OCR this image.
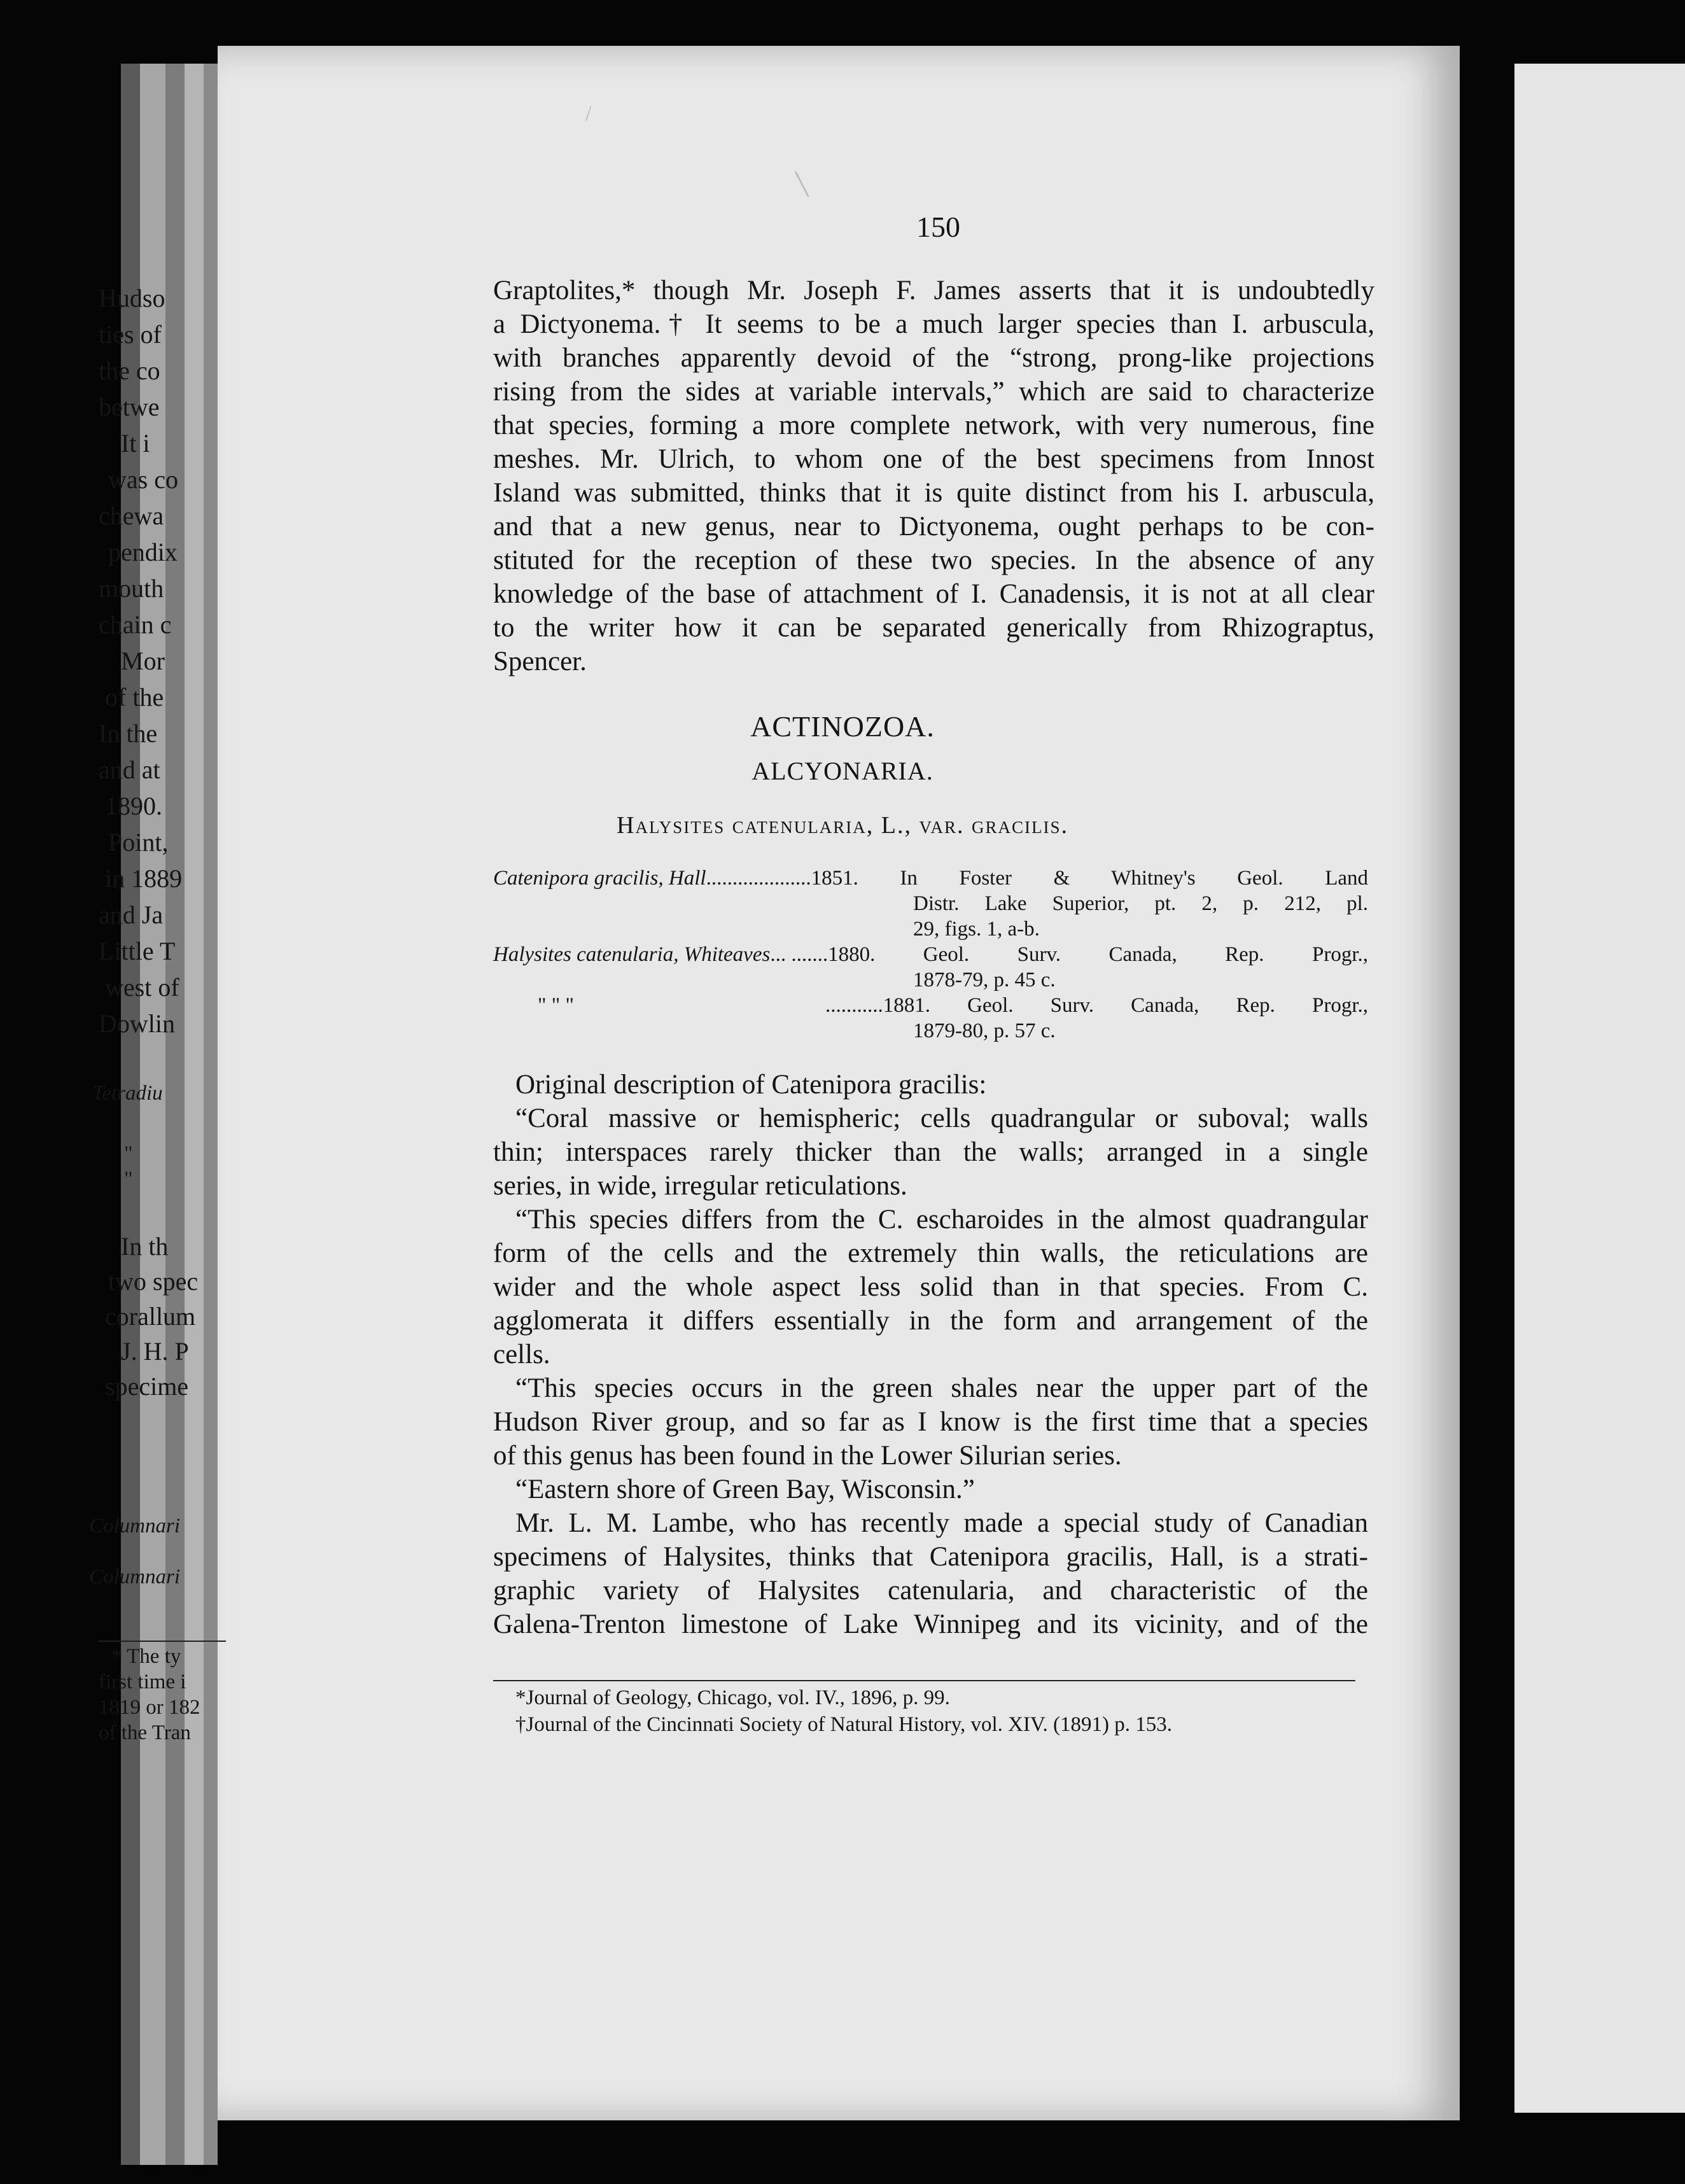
150
Graptolites,* though Mr. Joseph F. James asserts that it is undoubtedly
a Dictyonema.† It seems to be a much larger species than I. arbuscula,
with branches apparently devoid of the “strong, prong-like projections
rising from the sides at variable intervals,” which are said to characterize
that species, forming a more complete network, with very numerous, fine
meshes. Mr. Ulrich, to whom one of the best specimens from Innost
Island was submitted, thinks that it is quite distinct from his I. arbuscula,
and that a new genus, near to Dictyonema, ought perhaps to be con-
stituted for the reception of these two species. In the absence of any
knowledge of the base of attachment of I. Canadensis, it is not at all clear
to the writer how it can be separated generically from Rhizograptus,
Spencer.
ACTINOZOA.
ALCYONARIA.
Halysites catenularia, L., var. gracilis.
Catenipora gracilis, Hall .................... 1851. In Foster & Whitney's Geol. Land
Distr. Lake Superior, pt. 2, p. 212, pl.
29, figs. 1, a-b.
Halysites catenularia, Whiteaves ... ....... 1880. Geol. Surv. Canada, Rep. Progr.,
1878-79, p. 45 c.
" " "	........... 1881. Geol. Surv. Canada, Rep. Progr.,
1879-80, p. 57 c.
Original description of Catenipora gracilis:
“Coral massive or hemispheric; cells quadrangular or suboval; walls
thin; interspaces rarely thicker than the walls; arranged in a single
series, in wide, irregular reticulations.
“This species differs from the C. escharoides in the almost quadrangular
form of the cells and the extremely thin walls, the reticulations are
wider and the whole aspect less solid than in that species. From C.
agglomerata it differs essentially in the form and arrangement of the
cells.
“This species occurs in the green shales near the upper part of the
Hudson River group, and so far as I know is the first time that a species
of this genus has been found in the Lower Silurian series.
“Eastern shore of Green Bay, Wisconsin.”
Mr. L. M. Lambe, who has recently made a special study of Canadian
specimens of Halysites, thinks that Catenipora gracilis, Hall, is a strati-
graphic variety of Halysites catenularia, and characteristic of the
Galena-Trenton limestone of Lake Winnipeg and its vicinity, and of the
*Journal of Geology, Chicago, vol. IV., 1896, p. 99.
†Journal of the Cincinnati Society of Natural History, vol. XIV. (1891) p. 153.
╲
/
Hudso
ties of
the co
betwe
It i
was co
chewa
pendix
mouth
chain c
Mor
of the
In the
and at
1890.
Point,
in 1889
and Ja
Little T
west of
Dowlin
Tetradiu
"
"
In th
two spec
corallum
J. H. P
specime
Columnari
Columnari
* The ty
first time i
1819 or 182
of the Tran
